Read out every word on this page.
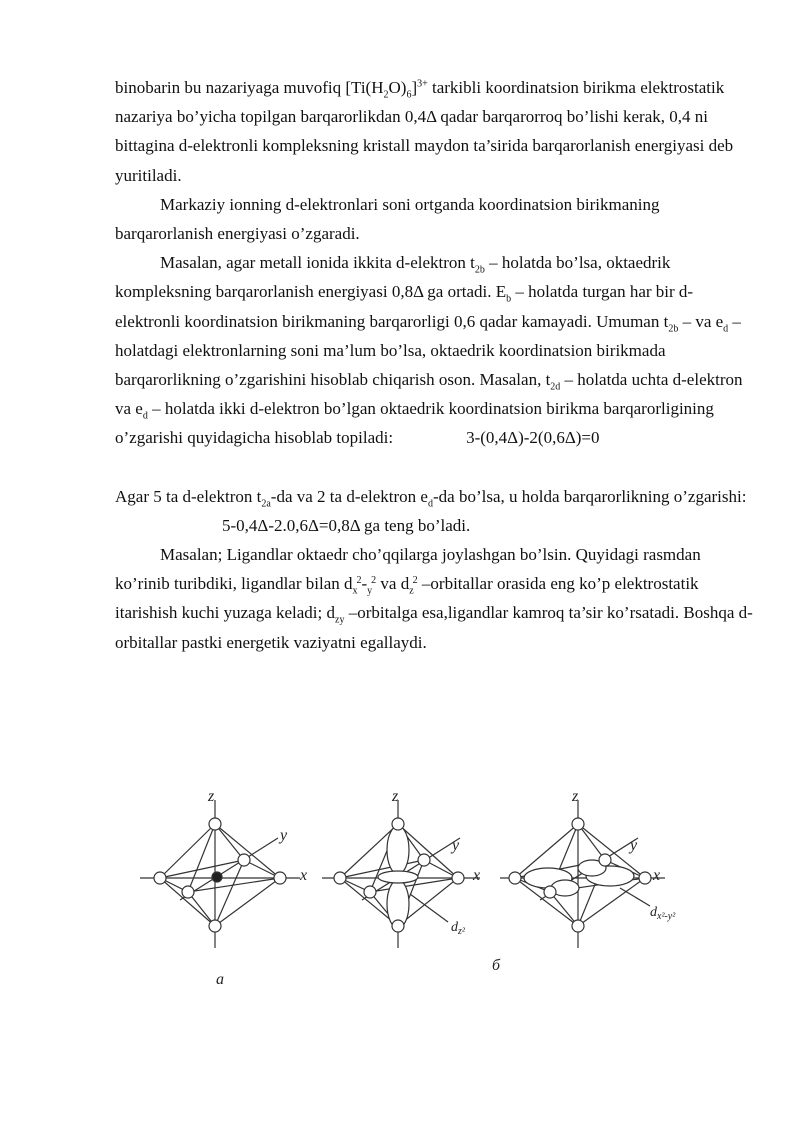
binobarin bu nazariyaga muvofiq $[Ti(H_2O)_6]^{3+}$ tarkibli koordinatsion birikma elektrostatik nazariya bo’yicha topilgan barqarorlikdan 0,4Δ qadar barqarorroq bo’lishi kerak, 0,4 ni bittagina d-elektronli kompleksning kristall maydon ta’sirida barqarorlanish energiyasi deb yuritiladi.

Markaziy ionning d-elektronlari soni ortganda koordinatsion birikmaning barqarorlanish energiyasi o’zgaradi.

Masalan, agar metall ionida ikkita d-elektron $t_{2b}$ – holatda bo’lsa, oktaedrik kompleksning barqarorlanish energiyasi 0,8Δ ga ortadi. $E_b$ – holatda turgan har bir d-elektronli koordinatsion birikmaning barqarorligi 0,6 qadar kamayadi. Umuman $t_{2b}$ – va $e_d$ – holatdagi elektronlarning soni ma’lum bo’lsa, oktaedrik koordinatsion birikmada barqarorlikning o’zgarishini hisoblab chiqarish oson. Masalan, $t_{2d}$ – holatda uchta d-elektron va $e_d$ – holatda ikki d-elektron bo’lgan oktaedrik koordinatsion birikma barqarorligining o’zgarishi quyidagicha hisoblab topiladi:	3-(0,4Δ)-2(0,6Δ)=0

Agar 5 ta d-elektron $t_{2a}-da$ va 2 ta d-elektron $e_d-da$ bo’lsa, u holda barqarorlikning o’zgarishi:

5-0,4Δ-2.0,6Δ=0,8Δ ga teng bo’ladi.

Masalan; Ligandlar oktaedr cho’qqilarga joylashgan bo’lsin. Quyidagi rasmdan ko’rinib turibdiki, ligandlar bilan $d_x^2-_y^2$ va $d_z^2$ –orbitallar orasida eng ko’p elektrostatik itarishish kuchi yuzaga keladi; $d_{zy}$ –orbitalga esa,ligandlar kamroq ta’sir ko’rsatadi. Boshqa d-orbitallar pastki energetik vaziyatni egallaydi.

z
y
x
a
z
y
x
$d_{z^2}$
б
z
y
x
$d_{x^2-y^2}$
